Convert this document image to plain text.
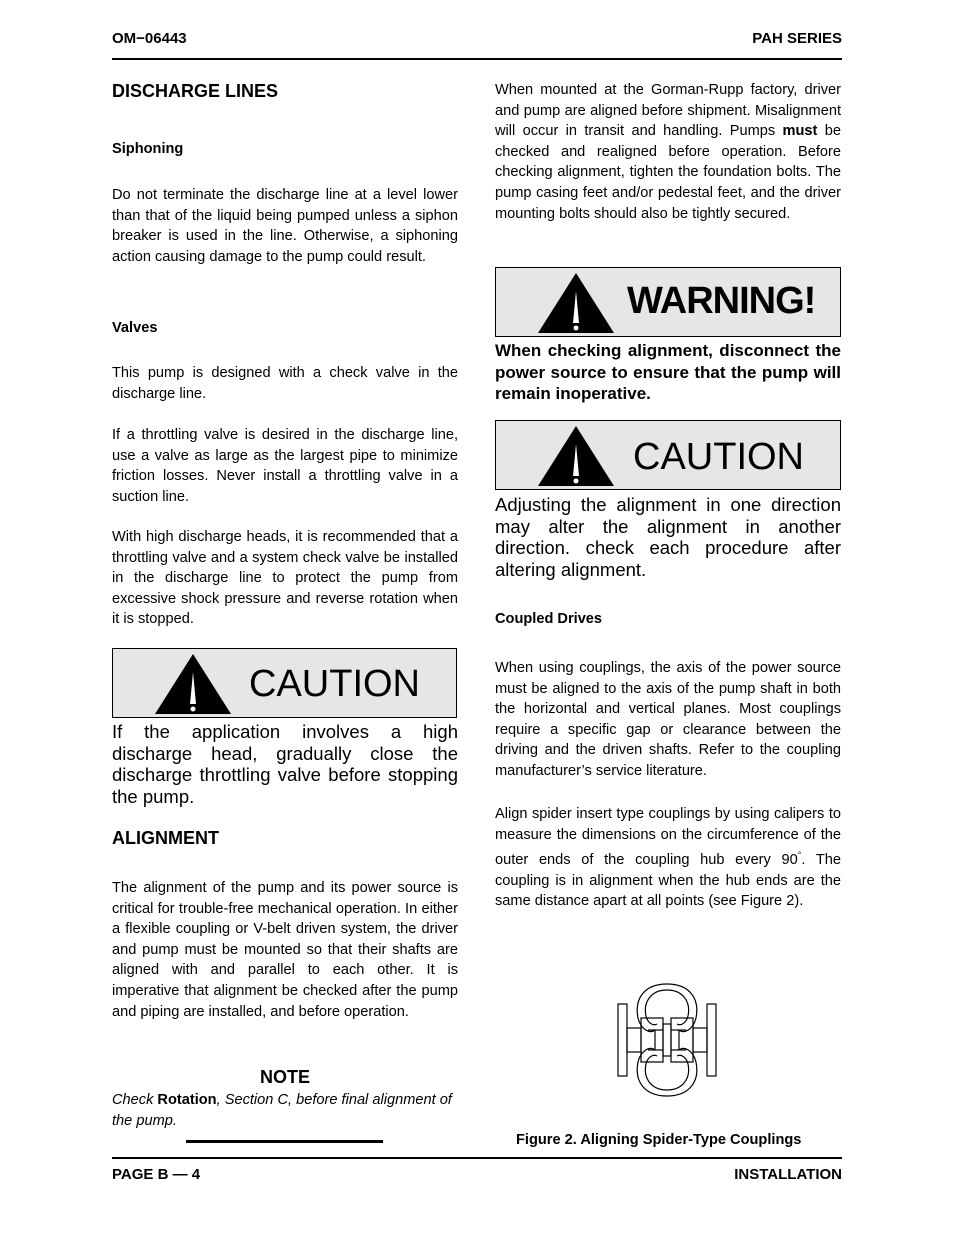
OM−06443	PAH SERIES
DISCHARGE LINES
Siphoning

Do not terminate the discharge line at a level lower than that of the liquid being pumped unless a siphon breaker is used in the line. Otherwise, a siphoning action causing damage to the pump could result.

Valves

This pump is designed with a check valve in the discharge line.

If a throttling valve is desired in the discharge line, use a valve as large as the largest pipe to minimize friction losses. Never install a throttling valve in a suction line.

With high discharge heads, it is recommended that a throttling valve and a system check valve be installed in the discharge line to protect the pump from excessive shock pressure and reverse rotation when it is stopped.

CAUTION

If the application involves a high discharge head, gradually close the discharge throttling valve before stopping the pump.

ALIGNMENT

The alignment of the pump and its power source is critical for trouble-free mechanical operation. In either a flexible coupling or V-belt driven system, the driver and pump must be mounted so that their shafts are aligned with and parallel to each other. It is imperative that alignment be checked after the pump and piping are installed, and before operation.

NOTE

Check Rotation, Section C, before final alignment of the pump.

When mounted at the Gorman-Rupp factory, driver and pump are aligned before shipment. Misalignment will occur in transit and handling. Pumps must be checked and realigned before operation. Before checking alignment, tighten the foundation bolts. The pump casing feet and/or pedestal feet, and the driver mounting bolts should also be tightly secured.

WARNING!

When checking alignment, disconnect the power source to ensure that the pump will remain inoperative.

CAUTION

Adjusting the alignment in one direction may alter the alignment in another direction. check each procedure after altering alignment.

Coupled Drives

When using couplings, the axis of the power source must be aligned to the axis of the pump shaft in both the horizontal and vertical planes. Most couplings require a specific gap or clearance between the driving and the driven shafts. Refer to the coupling manufacturer’s service literature.

Align spider insert type couplings by using calipers to measure the dimensions on the circumference of the outer ends of the coupling hub every 90°. The coupling is in alignment when the hub ends are the same distance apart at all points (see Figure 2).

Figure 2. Aligning Spider-Type Couplings
PAGE B — 4	INSTALLATION
